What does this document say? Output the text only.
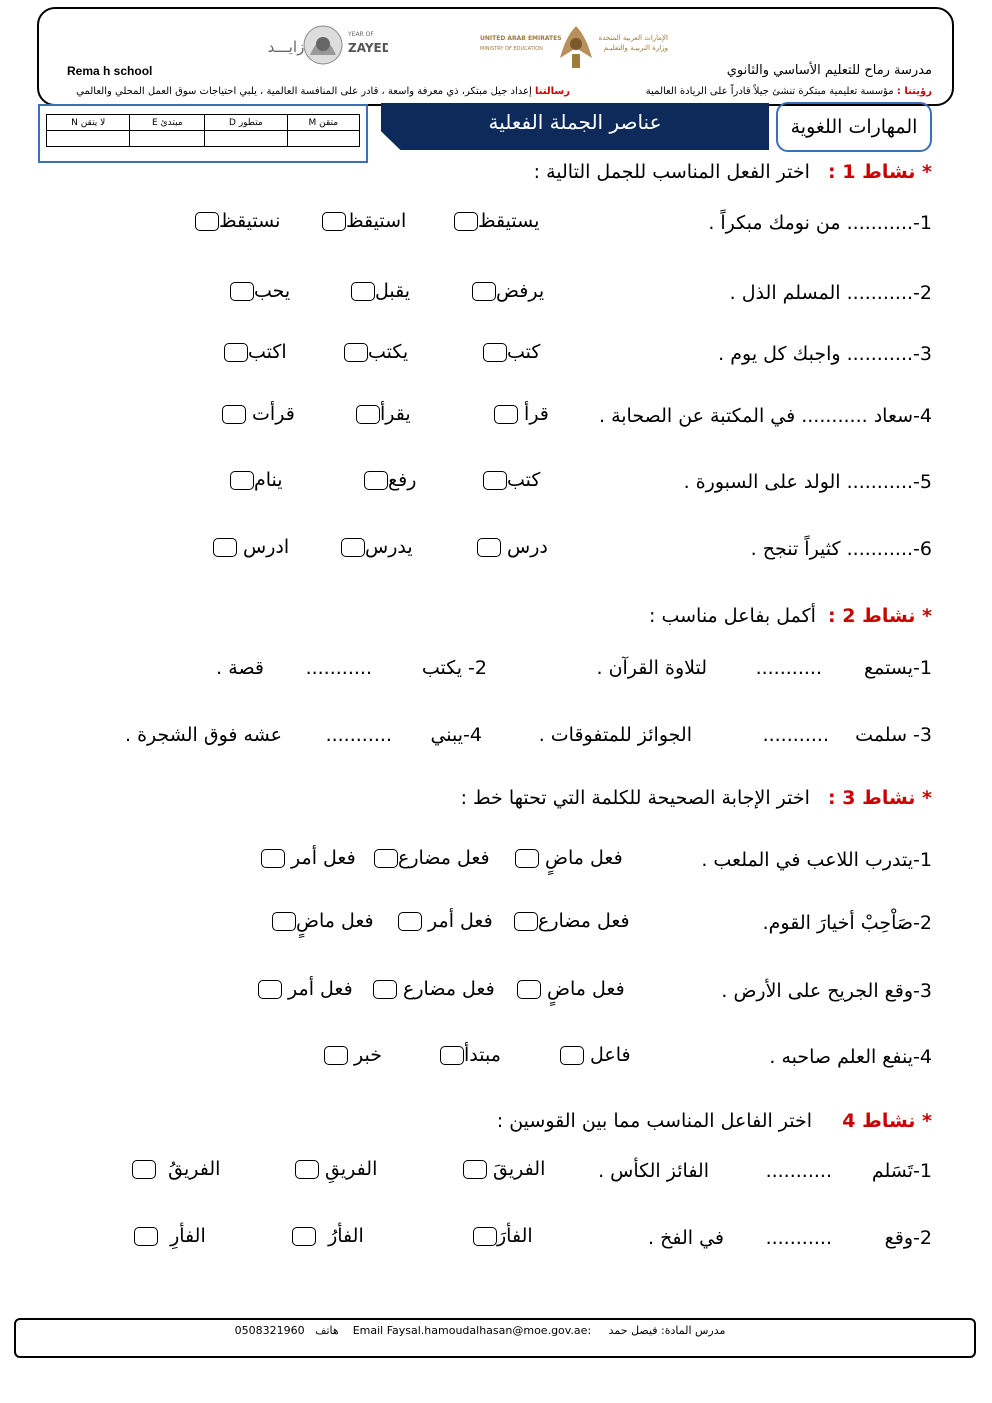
Rema h school	مدرسة رماح للتعليم الأساسي والثانوي
رؤيتنا : مؤسسة تعليمية مبتكرة تنشئ جيلاً قادراً على الريادة العالمية
رسالتنا إعداد جيل مبتكر، ذي معرفة واسعة ، قادر على المنافسة العالمية ، يلبي احتياجات سوق العمل المحلي والعالمي
زايـــد
YEAR OF
ZAYED
UNITED ARAB EMIRATES
MINISTRY OF EDUCATION
الإمارات العربية المتحدة
وزارة التربيـة والتعليـم
N لا يتقن	E مبتدئ	D متطور	M متقن
				عناصر الجملة الفعلية	المهارات اللغوية
* نشاط 1 :   اختر الفعل المناسب للجمل التالية :
1-........... من نومك مبكراً .
يستيقظ
استيقظ
نستيقظ
2-........... المسلم الذل .
يرفض
يقبل
يحب
3-........... واجبك كل يوم .
كتب
يكتب
اكتب
4-سعاد ........... في المكتبة عن الصحابة .
قرأ
يقرأ
قرأت
5-........... الولد على السبورة .
كتب
رفع
ينام
6-........... كثيراً تنجح .
درس
يدرس
ادرس
* نشاط 2 :  أكمل بفاعل مناسب :
1-يستمع
...........
لتلاوة القرآن .
2- يكتب
...........
قصة .
3- سلمت
...........
الجوائز للمتفوقات .
4-يبني
...........
عشه فوق الشجرة .
* نشاط 3 :   اختر الإجابة الصحيحة للكلمة التي تحتها خط :
1-يتدرب اللاعب في الملعب .
فعل ماضٍ
فعل مضارع
فعل أمر
2-صَاْحِبْ أخيارَ القوم.
فعل مضارع
فعل أمر
فعل ماضٍ
3-وقع الجريح على الأرض .
فعل ماضٍ
فعل مضارع
فعل أمر
4-ينفع العلم صاحبه .
فاعل
مبتدأ
خبر
* نشاط 4     اختر الفاعل المناسب مما بين القوسين :
1-تَسَلم
...........
الفائز الكأس .
الفريقَ
الفريقِ
الفريقُ
2-وقع
...........
في الفخ .
الفأرَ
الفأرُ
الفأرِ
مدرس المادة: فيصل حمد     Email Faysal.hamoudalhasan@moe.gov.ae:    هاتف   0508321960
